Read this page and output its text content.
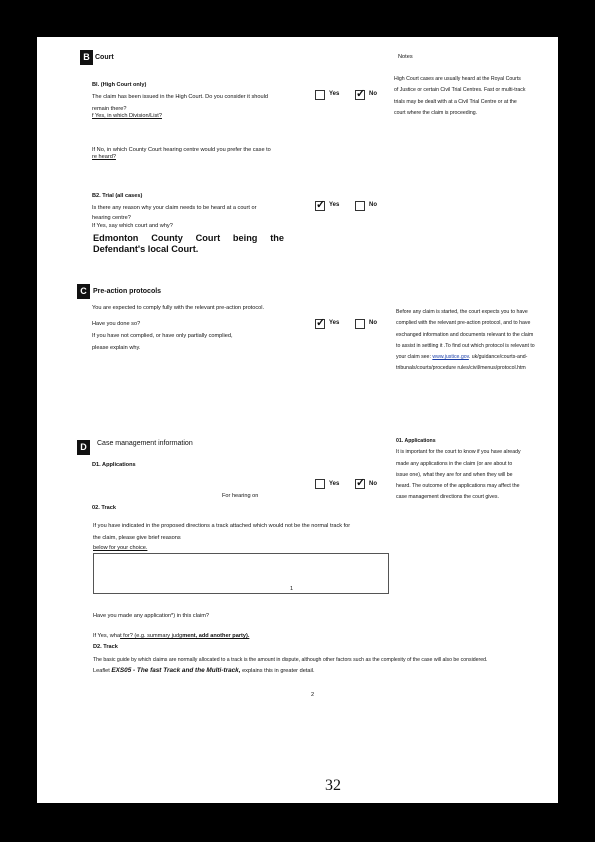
B Court	Notes
Bl. (High Court only)
The claim has been issued in the High Court. Do you consider it should
remain there?
f Yes, in which Division/List?
Yes ✓	No
High Court cases are usually heard at the Royal Courts
of Justice or certain Civil Trial Centres. Fast or multi-track
trials may be dealt with at a Civil Trial Centre or at the
court where the claim is proceeding.
If No, in which County Court hearing centre would you prefer the case to
re heard?
B2. Trial (all cases)
Is there any reason why your claim needs to be heard at a court or
hearing centre?
If Yes, say which court and why?
✓
Yes	No
Edmonton  County  Court  being  the
Defendant's local Court.
C Pre-action protocols
You are expected to comply fully with the relevant pre-action protocol.
Have you done so?
If you have not complied, or have only partially complied,
please explain why.
✓
Yes	No
Before any claim is started, the court expects you to have
complied with the relevant pre-action protocol, and to have
exchanged information and documents relevant to the claim
to assist in settling it .To find out which protocol is relevant to
your claim see: www.justice.gov. uk/guidance/courts-and-
tribunals/courts/procedure rules/civil/menus/protocol.htm
D	Case management information
D1. Applications
Yes ✓	No
For hearing on
02. Track
01. Applications
It is important for the court to know if you have already
made any applications in the claim (or are about to
issue one), what they are for and when they will be
heard. The outcome of the applications may affect the
case management directions the court gives.
If you have indicated in the proposed directions a track attached which would not be the normal track for
the claim, please give brief reasons
below for your choice.
1
Have you made any application*) in this claim?
If Yes, what for? (e.g. summary judgment, add another party).
D2. Track
The basic guide by which claims are normally allocated to a track is the amount in dispute, although other factors such as the complexity of the case will also be considered.
Leaflet EXS05 - The fast Track and the Multi-track, explains this in greater detail.
2
32
